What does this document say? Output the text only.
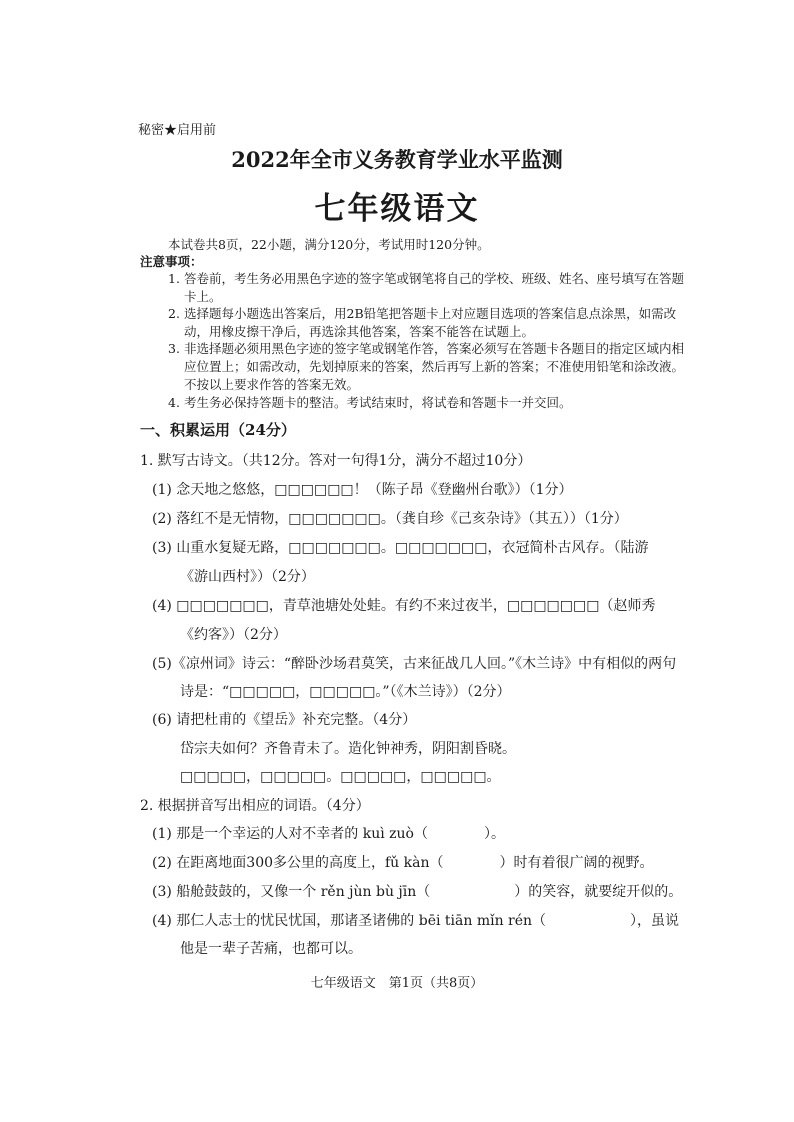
秘密★启用前
2022年全市义务教育学业水平监测
七年级语文
本试卷共8页，22小题，满分120分，考试用时120分钟。
注意事项：
1. 答卷前，考生务必用黑色字迹的签字笔或钢笔将自己的学校、班级、姓名、座号填写在答题卡上。
2. 选择题每小题选出答案后，用2B铅笔把答题卡上对应题目选项的答案信息点涂黑，如需改动，用橡皮擦干净后，再选涂其他答案，答案不能答在试题上。
3. 非选择题必须用黑色字迹的签字笔或钢笔作答，答案必须写在答题卡各题目的指定区域内相应位置上；如需改动，先划掉原来的答案，然后再写上新的答案；不准使用铅笔和涂改液。不按以上要求作答的答案无效。
4. 考生务必保持答题卡的整洁。考试结束时，将试卷和答题卡一并交回。
一、积累运用（24分）
1. 默写古诗文。（共12分。答对一句得1分，满分不超过10分）
(1) 念天地之悠悠，□□□□□□！（陈子昂《登幽州台歌》）（1分）
(2) 落红不是无情物，□□□□□□□。（龚自珍《己亥杂诗》（其五））（1分）
(3) 山重水复疑无路，□□□□□□□。□□□□□□□，衣冠简朴古风存。（陆游
《游山西村》）（2分）
(4) □□□□□□□，青草池塘处处蛙。有约不来过夜半，□□□□□□□（赵师秀
《约客》）（2分）
(5)《凉州词》诗云：“醉卧沙场君莫笑，古来征战几人回。”《木兰诗》中有相似的两句
诗是：“□□□□□，□□□□□。”（《木兰诗》）（2分）
(6) 请把杜甫的《望岳》补充完整。（4分）
岱宗夫如何？齐鲁青未了。造化钟神秀，阴阳割昏晓。
□□□□□，□□□□□。□□□□□，□□□□□。
2. 根据拼音写出相应的词语。（4分）
(1) 那是一个幸运的人对不幸者的 kuì zuò（　　　　）。
(2) 在距离地面300多公里的高度上，fǔ kàn（　　　　）时有着很广阔的视野。
(3) 船舱鼓鼓的，又像一个 rěn jùn bù jīn（　　　　　　）的笑容，就要绽开似的。
(4) 那仁人志士的忧民忧国，那诸圣诸佛的 bēi tiān mǐn rén（　　　　　　），虽说
他是一辈子苦痛，也都可以。
七年级语文　第1页（共8页）
